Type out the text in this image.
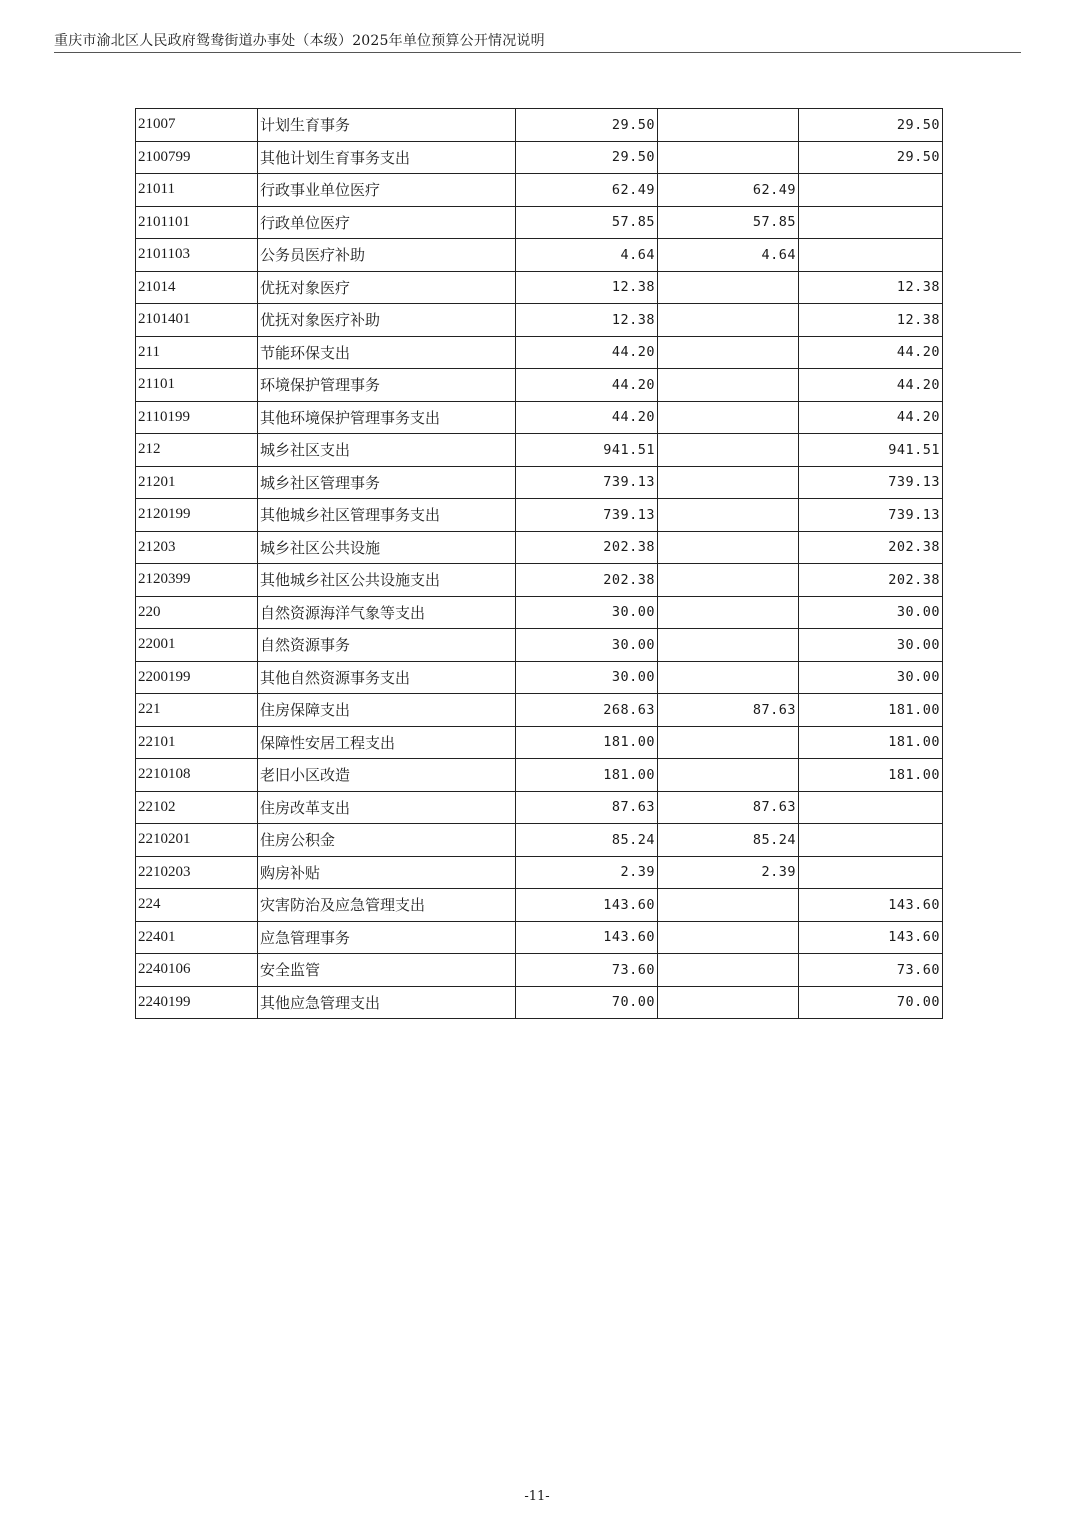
重庆市渝北区人民政府鸳鸯街道办事处（本级）2025年单位预算公开情况说明
21007	计划生育事务	29.50		29.50
2100799	其他计划生育事务支出	29.50		29.50
21011	行政事业单位医疗	62.49	62.49	
2101101	行政单位医疗	57.85	57.85	
2101103	公务员医疗补助	4.64	4.64	
21014	优抚对象医疗	12.38		12.38
2101401	优抚对象医疗补助	12.38		12.38
211	节能环保支出	44.20		44.20
21101	环境保护管理事务	44.20		44.20
2110199	其他环境保护管理事务支出	44.20		44.20
212	城乡社区支出	941.51		941.51
21201	城乡社区管理事务	739.13		739.13
2120199	其他城乡社区管理事务支出	739.13		739.13
21203	城乡社区公共设施	202.38		202.38
2120399	其他城乡社区公共设施支出	202.38		202.38
220	自然资源海洋气象等支出	30.00		30.00
22001	自然资源事务	30.00		30.00
2200199	其他自然资源事务支出	30.00		30.00
221	住房保障支出	268.63	87.63	181.00
22101	保障性安居工程支出	181.00		181.00
2210108	老旧小区改造	181.00		181.00
22102	住房改革支出	87.63	87.63	
2210201	住房公积金	85.24	85.24	
2210203	购房补贴	2.39	2.39	
224	灾害防治及应急管理支出	143.60		143.60
22401	应急管理事务	143.60		143.60
2240106	安全监管	73.60		73.60
2240199	其他应急管理支出	70.00		70.00
-11-
